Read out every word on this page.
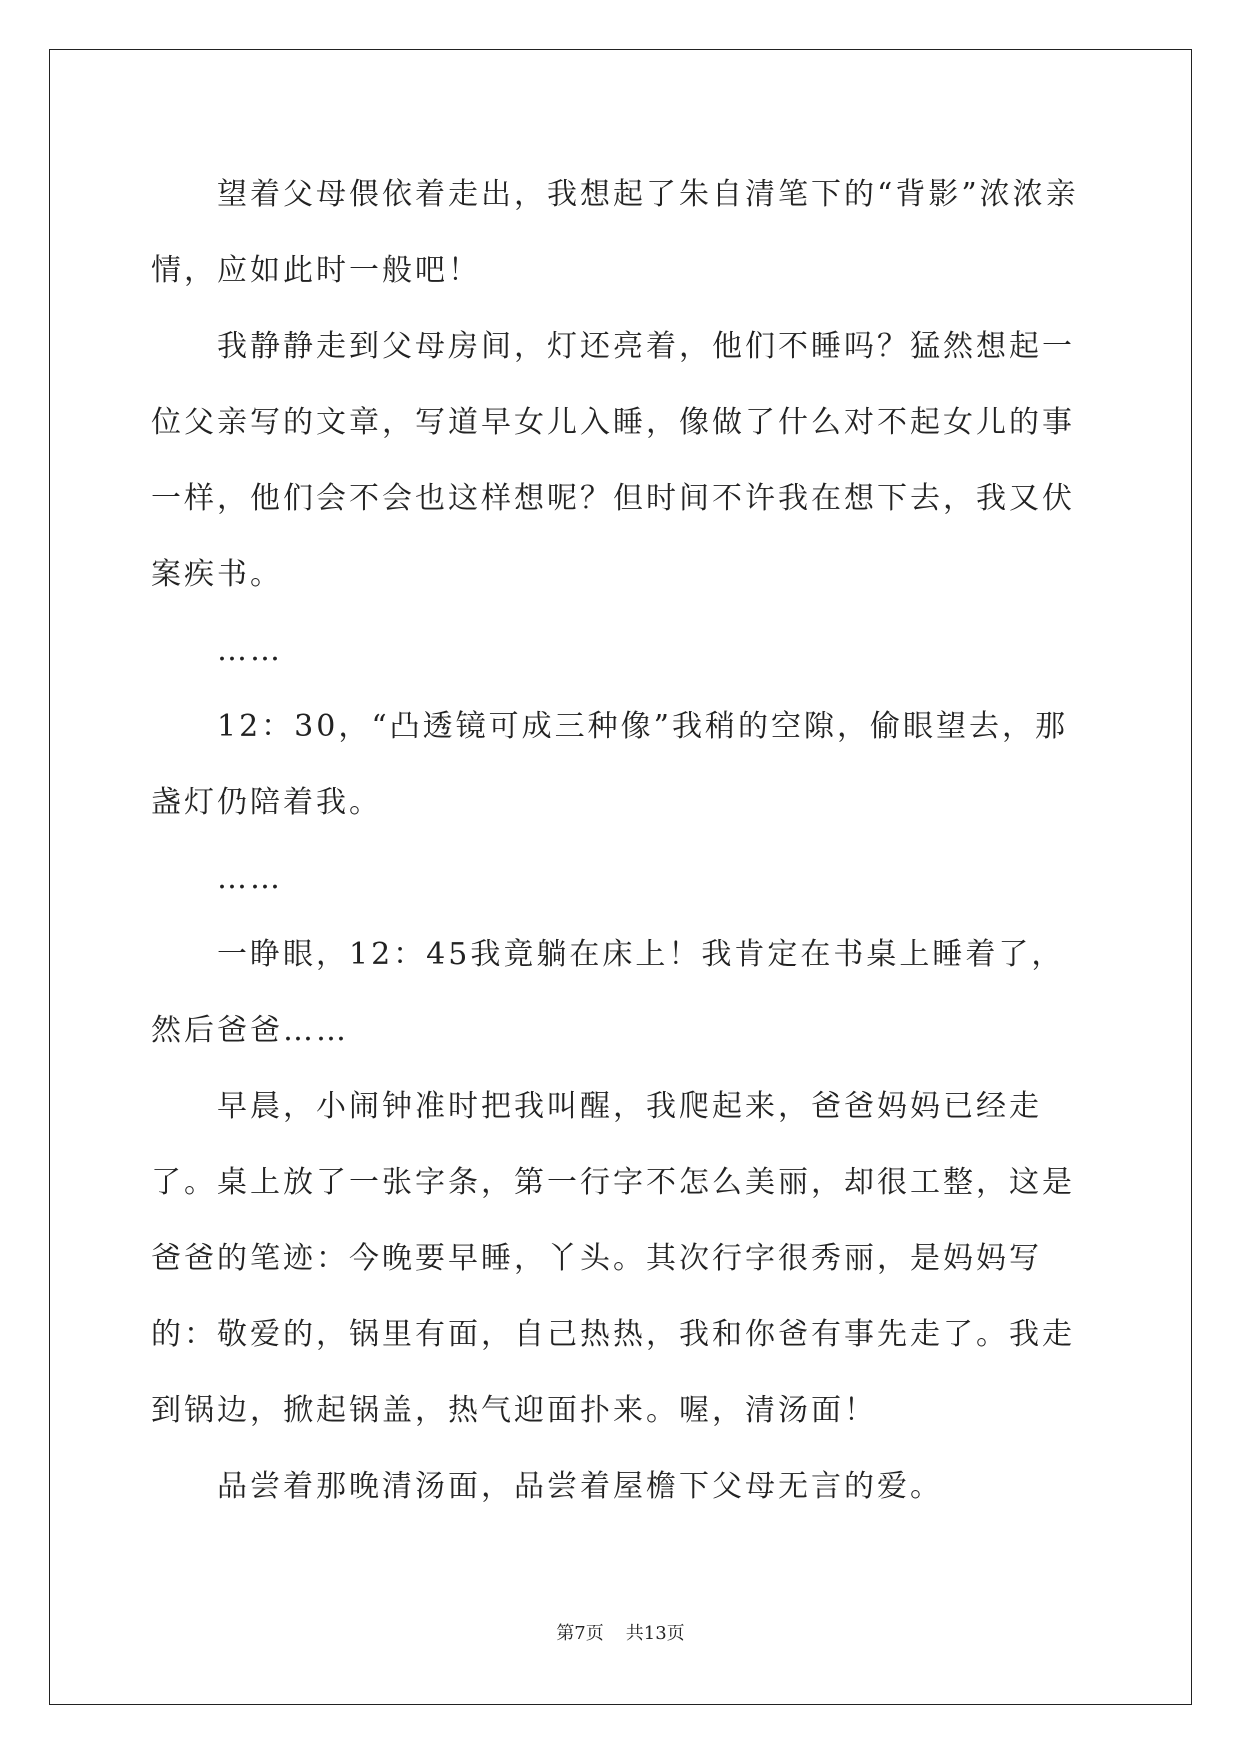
望着父母偎依着走出，我想起了朱自清笔下的“背影”浓浓亲情，应如此时一般吧！

我静静走到父母房间，灯还亮着，他们不睡吗？猛然想起一位父亲写的文章，写道早女儿入睡，像做了什么对不起女儿的事一样，他们会不会也这样想呢？但时间不许我在想下去，我又伏案疾书。

……

12：30，“凸透镜可成三种像”我稍的空隙，偷眼望去，那盏灯仍陪着我。

……

一睁眼，12：45我竟躺在床上！我肯定在书桌上睡着了，然后爸爸……

早晨，小闹钟准时把我叫醒，我爬起来，爸爸妈妈已经走了。桌上放了一张字条，第一行字不怎么美丽，却很工整，这是爸爸的笔迹：今晚要早睡，丫头。其次行字很秀丽，是妈妈写的：敬爱的，锅里有面，自己热热，我和你爸有事先走了。我走到锅边，掀起锅盖，热气迎面扑来。喔，清汤面！

品尝着那晚清汤面，品尝着屋檐下父母无言的爱。

第7页 共13页
